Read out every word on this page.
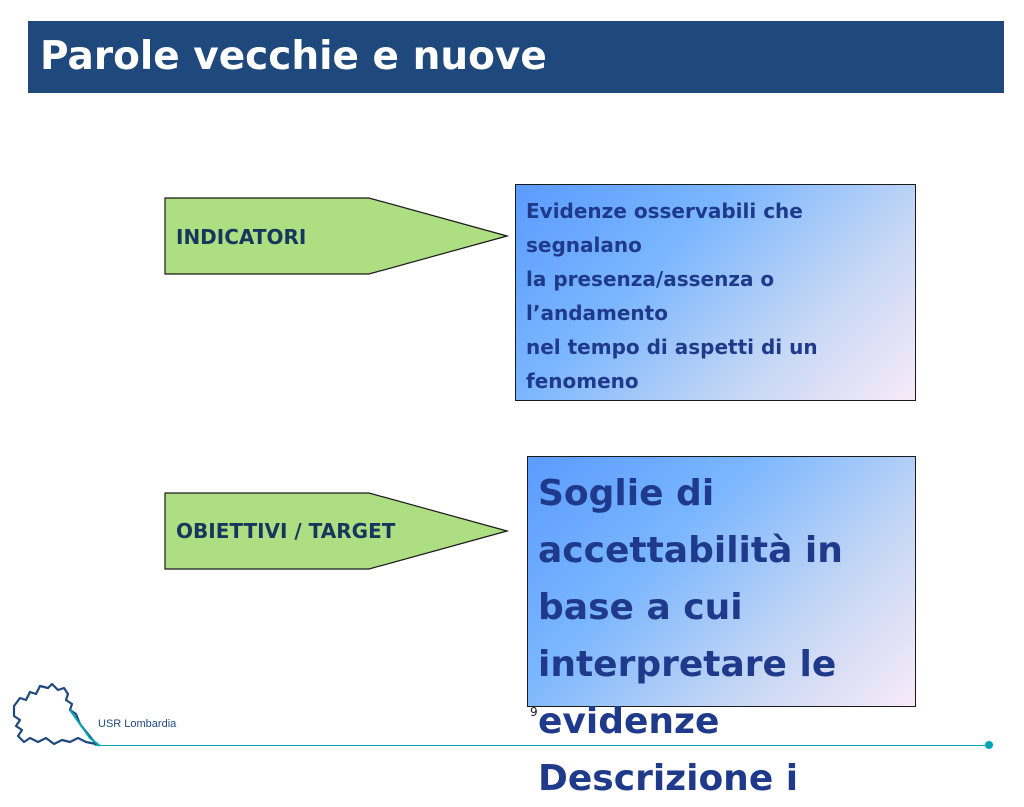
Parole vecchie e nuove
INDICATORI
Evidenze osservabili che
segnalano
la presenza/assenza o
l’andamento
nel tempo di aspetti di un
fenomeno
OBIETTIVI / TARGET
Soglie di
accettabilità in
base a cui
interpretare le
evidenze
Descrizione i
9
USR Lombardia
